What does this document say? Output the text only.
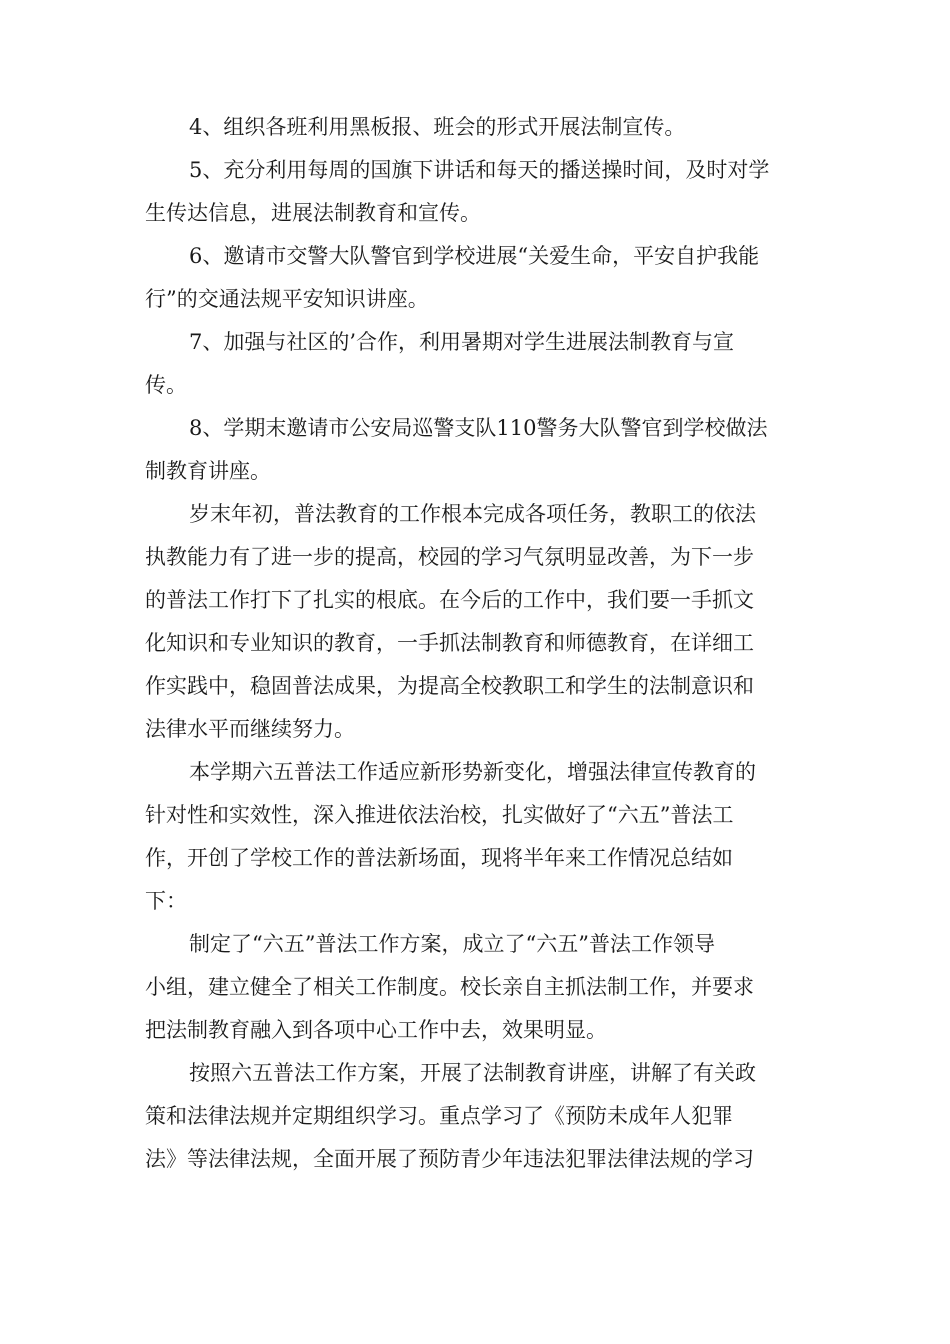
4、组织各班利用黑板报、班会的形式开展法制宣传。
5、充分利用每周的国旗下讲话和每天的播送操时间，及时对学
生传达信息，进展法制教育和宣传。
6、邀请市交警大队警官到学校进展“关爱生命，平安自护我能
行”的交通法规平安知识讲座。
7、加强与社区的’合作，利用暑期对学生进展法制教育与宣
传。
8、学期末邀请市公安局巡警支队110警务大队警官到学校做法
制教育讲座。
岁末年初，普法教育的工作根本完成各项任务，教职工的依法
执教能力有了进一步的提高，校园的学习气氛明显改善，为下一步
的普法工作打下了扎实的根底。在今后的工作中，我们要一手抓文
化知识和专业知识的教育，一手抓法制教育和师德教育，在详细工
作实践中，稳固普法成果，为提高全校教职工和学生的法制意识和
法律水平而继续努力。
本学期六五普法工作适应新形势新变化，增强法律宣传教育的
针对性和实效性，深入推进依法治校，扎实做好了“六五”普法工
作，开创了学校工作的普法新场面，现将半年来工作情况总结如
下：
制定了“六五”普法工作方案，成立了“六五”普法工作领导
小组，建立健全了相关工作制度。校长亲自主抓法制工作，并要求
把法制教育融入到各项中心工作中去，效果明显。
按照六五普法工作方案，开展了法制教育讲座，讲解了有关政
策和法律法规并定期组织学习。重点学习了《预防未成年人犯罪
法》等法律法规，全面开展了预防青少年违法犯罪法律法规的学习
